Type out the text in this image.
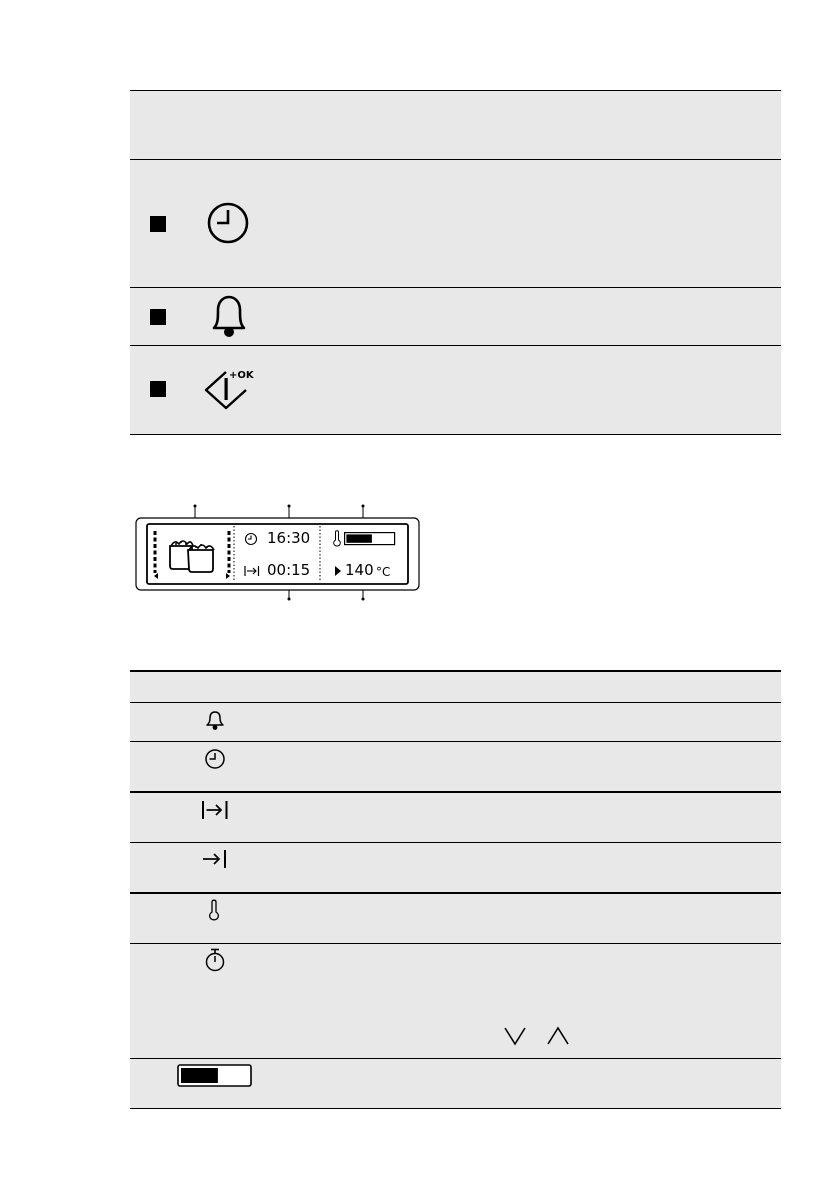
+OK
16:30
00:15 140 °C
